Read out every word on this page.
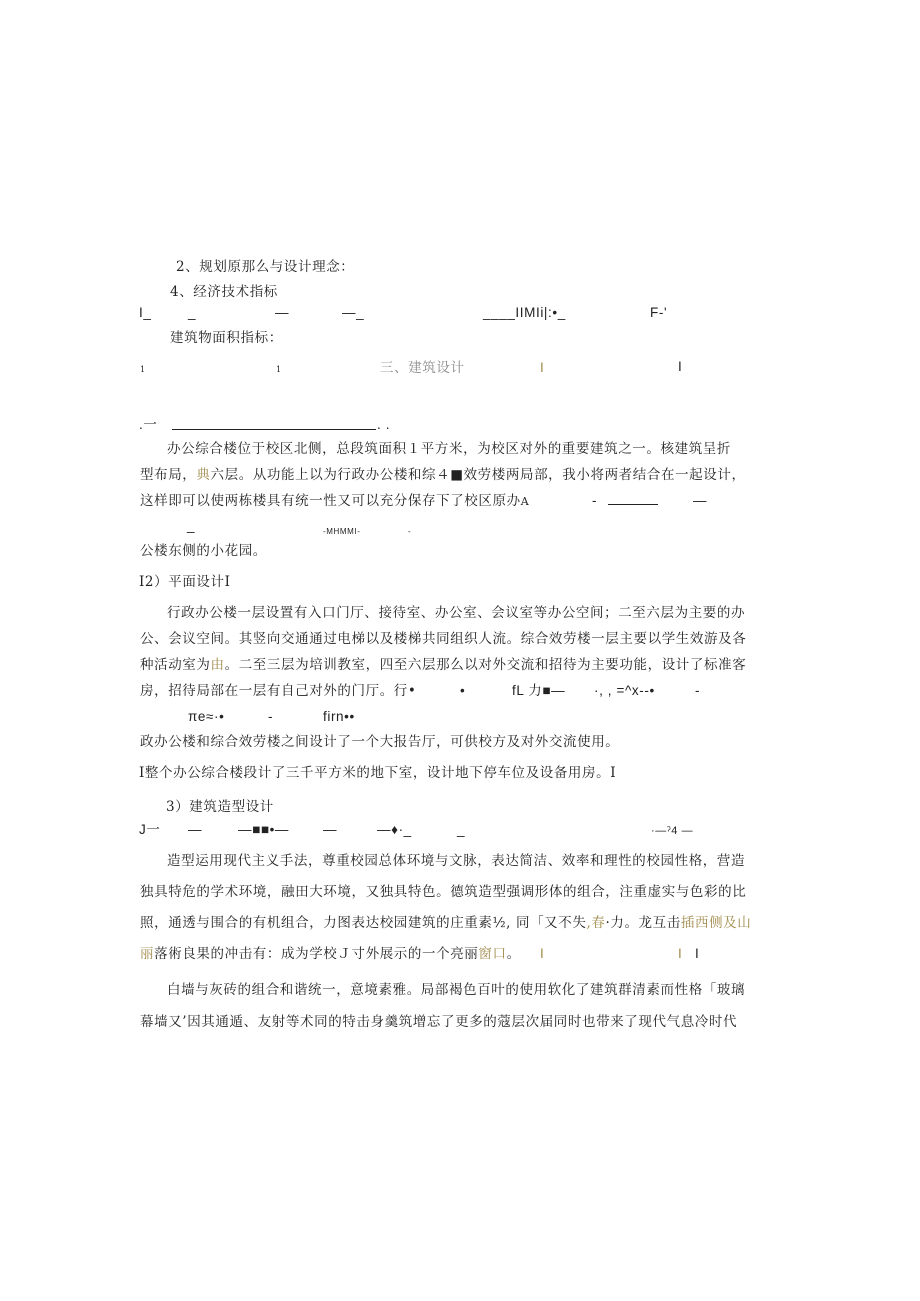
2、规划原那么与设计理念：
4、经济技术指标
I_	_	—	—_	____IIMIi|:•_	F-'
建筑物面积指标：
1	1	三、建筑设计	I	I
.一	. .
办公综合楼位于校区北侧，总段筑面积１平方米，为校区对外的重要建筑之一。核建筑呈折
型布局，典六层。从功能上以为行政办公楼和综４■效劳楼两局部，我小将两者结合在一起设计，
这样即可以使两栋楼具有统一性又可以充分保存下了校区原办A	-	—
_	-MHMMI-	-
公楼东侧的小花园。
I2）平面设计I
行政办公楼一层设置有入口门厅、接待室、办公室、会议室等办公空间；二至六层为主要的办
公、会议空间。其竖向交通通过电梯以及楼梯共同组织人流。综合效劳楼一层主要以学生效游及各
种活动室为由。二至三层为培训教室，四至六层那么以对外交流和招待为主要功能，设计了标准客
房，招待局部在一层有自己对外的门厅。行•	•	fL 力■— ·, , =^x--•	-
πe≈·•	-	firn••
政办公楼和综合效劳楼之间设计了一个大报告厅，可供校方及对外交流使用。
I整个办公综合楼段计了三千平方米的地下室，设计地下停车位及设备用房。I
3）建筑造型设计
J一 —	—■■•—	—	—♦·_	_	·—ˀ4 —
造型运用现代主义手法，尊重校园总体环境与文脉，表达简洁、效率和理性的校园性格，营造
独具特危的学术环境，融田大环境，又独具特色。德筑造型强调形体的组合，注重虚实与色彩的比
照，通透与围合的有机组合，力图表达校园建筑的庄重素½, 同「又不失,春·力。龙互击插西侧及山
丽落術良果的冲击有：成为学校Ｊ寸外展示的一个亮丽窗口。 I	I I
白墙与灰砖的组合和谐统一，意境素雅。局部褐色百叶的使用软化了建筑群清素而性格「玻璃
幕墙又’因其通遁、友射等术同的特击身羹筑增忘了更多的蔻层次届同时也带来了现代气息冷时代
